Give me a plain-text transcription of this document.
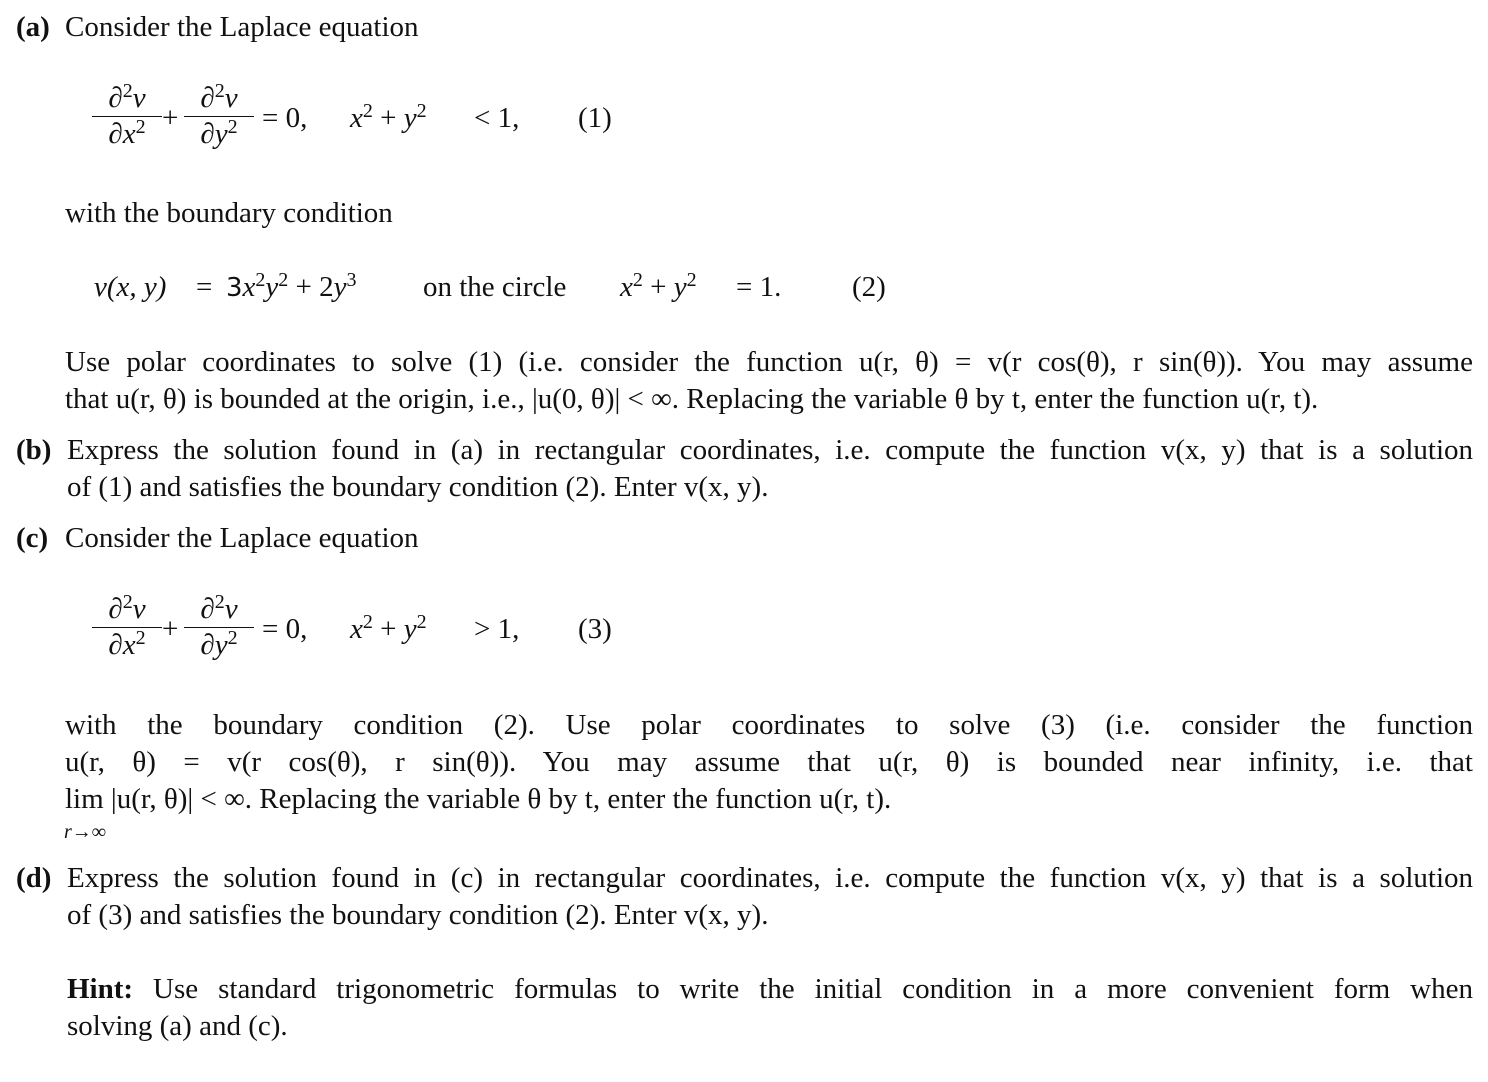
(a) Consider the Laplace equation
∂$^2$v
$\partial x^2$ +
∂$^2$v
$\partial y^2 = 0$, $x^2 + y^2 < 1$, (1)
with the boundary condition
v(x, $y) = 3x^2y^2 + 2y^3$ on the circle $x^2 + y^2 = 1$. (2)
Use polar coordinates to solve (1) (i.e. consider the function u(r, θ) = v(r cos(θ), r sin(θ)). You may assume
that u(r, θ) is bounded at the origin, i.e., |u(0, θ)| < ∞. Replacing the variable θ by t, enter the function u(r, t).
(b) Express the solution found in (a) in rectangular coordinates, i.e. compute the function v(x, y) that is a solution
of (1) and satisfies the boundary condition (2). Enter v(x, y).
(c) Consider the Laplace equation
∂$^2$v
$\partial x^2$ +
∂$^2$v
$\partial y^2 = 0$, $x^2 + y^2 > 1$, (3)
with the boundary condition (2). Use polar coordinates to solve (3) (i.e. consider the function
u(r, θ) = v(r cos(θ), r sin(θ)). You may assume that u(r, θ) is bounded near infinity, i.e. that
lim |u(r, θ)| < ∞. Replacing the variable θ by t, enter the function u(r, t).
r→∞
(d) Express the solution found in (c) in rectangular coordinates, i.e. compute the function v(x, y) that is a solution
of (3) and satisfies the boundary condition (2). Enter v(x, y).
Hint: Use standard trigonometric formulas to write the initial condition in a more convenient form when
solving (a) and (c).
